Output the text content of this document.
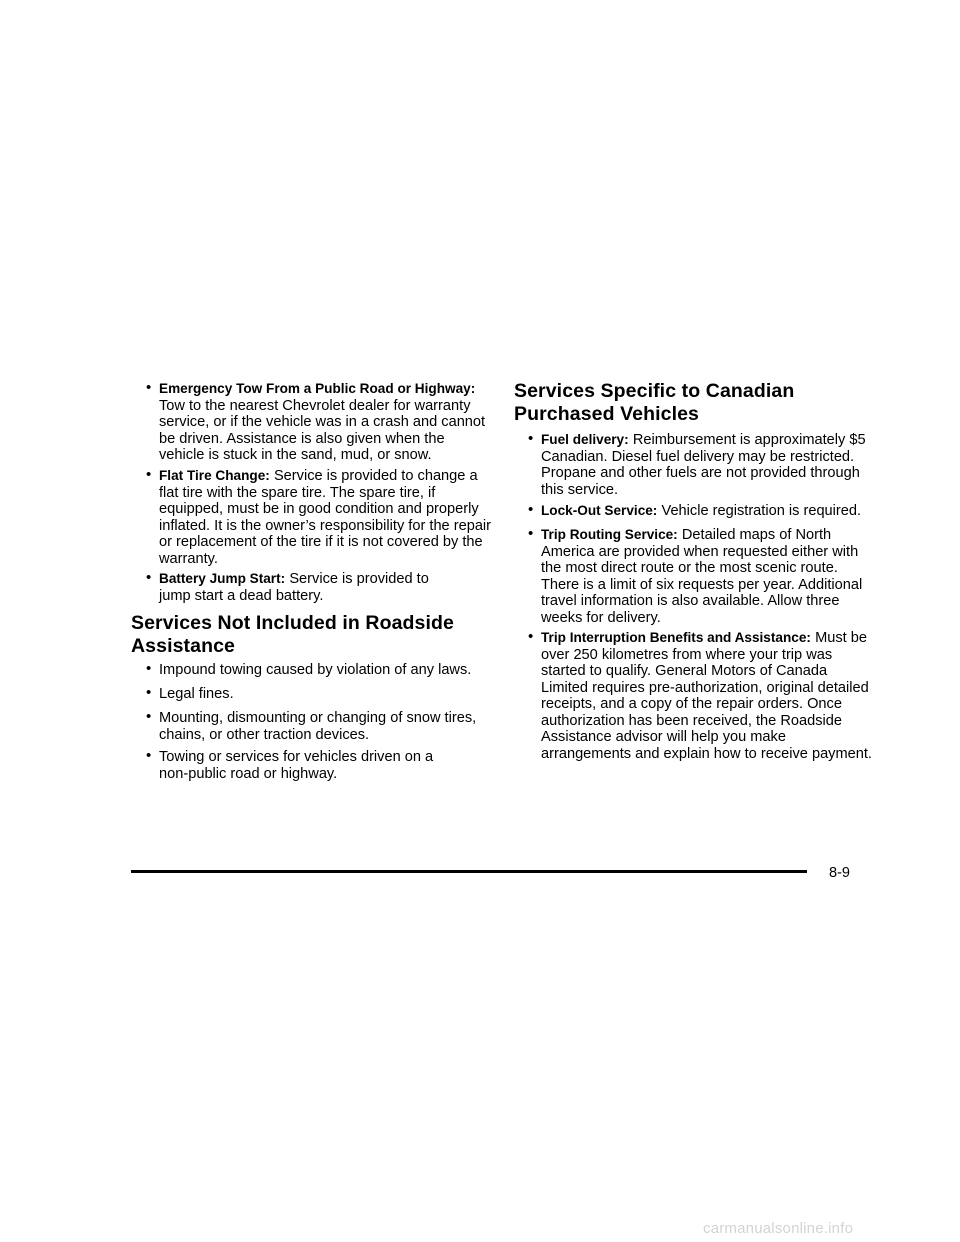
• Emergency Tow From a Public Road or Highway: Tow to the nearest Chevrolet dealer for warranty service, or if the vehicle was in a crash and cannot be driven. Assistance is also given when the vehicle is stuck in the sand, mud, or snow.
• Flat Tire Change: Service is provided to change a flat tire with the spare tire. The spare tire, if equipped, must be in good condition and properly inflated. It is the owner’s responsibility for the repair or replacement of the tire if it is not covered by the warranty.
• Battery Jump Start: Service is provided to jump start a dead battery.
Services Not Included in Roadside Assistance
• Impound towing caused by violation of any laws.
• Legal fines.
• Mounting, dismounting or changing of snow tires, chains, or other traction devices.
• Towing or services for vehicles driven on a non-public road or highway.
Services Specific to Canadian Purchased Vehicles
• Fuel delivery: Reimbursement is approximately $5 Canadian. Diesel fuel delivery may be restricted. Propane and other fuels are not provided through this service.
• Lock-Out Service: Vehicle registration is required.
• Trip Routing Service: Detailed maps of North America are provided when requested either with the most direct route or the most scenic route. There is a limit of six requests per year. Additional travel information is also available. Allow three weeks for delivery.
• Trip Interruption Benefits and Assistance: Must be over 250 kilometres from where your trip was started to qualify. General Motors of Canada Limited requires pre-authorization, original detailed receipts, and a copy of the repair orders. Once authorization has been received, the Roadside Assistance advisor will help you make arrangements and explain how to receive payment.
8-9
carmanualsonline.info
